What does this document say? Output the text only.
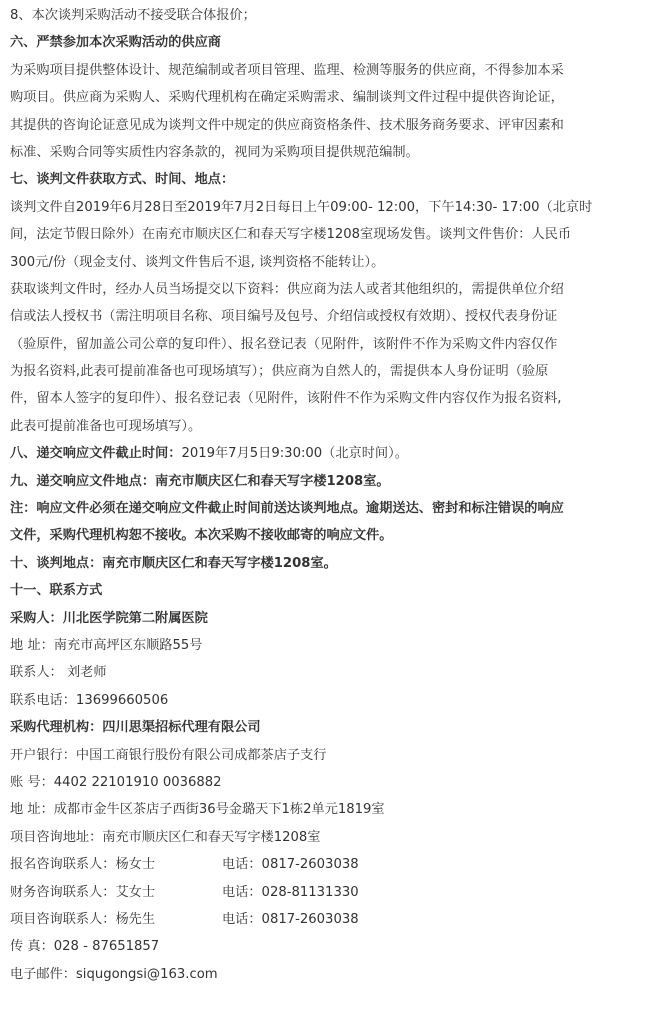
8、本次谈判采购活动不接受联合体报价；
六、严禁参加本次采购活动的供应商
为采购项目提供整体设计、规范编制或者项目管理、监理、检测等服务的供应商，不得参加本采
购项目。供应商为采购人、采购代理机构在确定采购需求、编制谈判文件过程中提供咨询论证，
其提供的咨询论证意见成为谈判文件中规定的供应商资格条件、技术服务商务要求、评审因素和
标准、采购合同等实质性内容条款的，视同为采购项目提供规范编制。
七、谈判文件获取方式、时间、地点：
谈判文件自2019年6月28日至2019年7月2日每日上午09:00- 12:00，下午14:30- 17:00（北京时
间，法定节假日除外）在南充市顺庆区仁和春天写字楼1208室现场发售。谈判文件售价：人民币
300元/份（现金支付、谈判文件售后不退, 谈判资格不能转让）。
获取谈判文件时，经办人员当场提交以下资料：供应商为法人或者其他组织的，需提供单位介绍
信或法人授权书（需注明项目名称、项目编号及包号、介绍信或授权有效期）、授权代表身份证
（验原件，留加盖公司公章的复印件）、报名登记表（见附件，该附件不作为采购文件内容仅作
为报名资料,此表可提前准备也可现场填写）；供应商为自然人的，需提供本人身份证明（验原
件，留本人签字的复印件）、报名登记表（见附件，该附件不作为采购文件内容仅作为报名资料,
此表可提前准备也可现场填写）。
八、递交响应文件截止时间：2019年7月5日9:30:00（北京时间）。
九、递交响应文件地点：南充市顺庆区仁和春天写字楼1208室。
注：响应文件必须在递交响应文件截止时间前送达谈判地点。逾期送达、密封和标注错误的响应
文件，采购代理机构恕不接收。本次采购不接收邮寄的响应文件。
十、谈判地点：南充市顺庆区仁和春天写字楼1208室。
十一、联系方式
采购人：川北医学院第二附属医院
地 址：南充市高坪区东顺路55号
联系人： 刘老师
联系电话：13699660506
采购代理机构：四川思渠招标代理有限公司
开户银行：中国工商银行股份有限公司成都茶店子支行
账 号：4402 22101910 0036882
地 址：成都市金牛区茶店子西街36号金璐天下1栋2单元1819室
项目咨询地址：南充市顺庆区仁和春天写字楼1208室
报名咨询联系人：杨女士	电话：0817-2603038
财务咨询联系人：艾女士	电话：028-81131330
项目咨询联系人：杨先生	电话：0817-2603038
传 真：028 - 87651857
电子邮件：siqugongsi@163.com
